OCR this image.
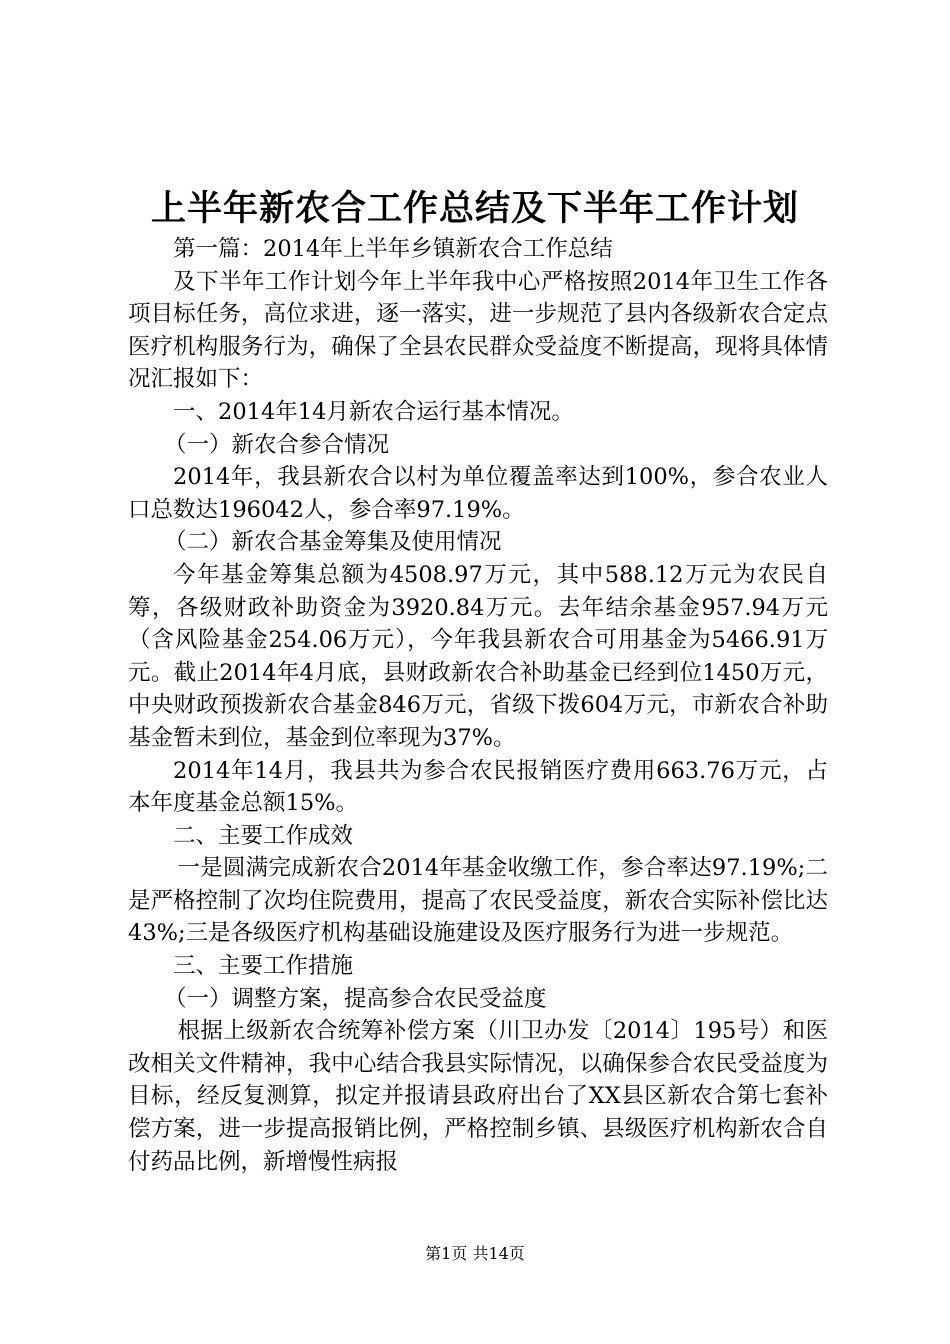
上半年新农合工作总结及下半年工作计划

第一篇：2014年上半年乡镇新农合工作总结

及下半年工作计划今年上半年我中心严格按照2014年卫生工作各项目标任务，高位求进，逐一落实，进一步规范了县内各级新农合定点医疗机构服务行为，确保了全县农民群众受益度不断提高，现将具体情况汇报如下：

一、2014年14月新农合运行基本情况。

（一）新农合参合情况

2014年，我县新农合以村为单位覆盖率达到100%，参合农业人口总数达196042人，参合率97.19%。

（二）新农合基金筹集及使用情况

今年基金筹集总额为4508.97万元，其中588.12万元为农民自筹，各级财政补助资金为3920.84万元。去年结余基金957.94万元（含风险基金254.06万元），今年我县新农合可用基金为5466.91万元。截止2014年4月底，县财政新农合补助基金已经到位1450万元，中央财政预拨新农合基金846万元，省级下拨604万元，市新农合补助基金暂未到位，基金到位率现为37%。

2014年14月，我县共为参合农民报销医疗费用663.76万元，占本年度基金总额15%。

二、主要工作成效

一是圆满完成新农合2014年基金收缴工作，参合率达97.19%;二是严格控制了次均住院费用，提高了农民受益度，新农合实际补偿比达43%;三是各级医疗机构基础设施建设及医疗服务行为进一步规范。

三、主要工作措施

（一）调整方案，提高参合农民受益度

根据上级新农合统筹补偿方案（川卫办发〔2014〕195号）和医改相关文件精神，我中心结合我县实际情况，以确保参合农民受益度为目标，经反复测算，拟定并报请县政府出台了XX县区新农合第七套补偿方案，进一步提高报销比例，严格控制乡镇、县级医疗机构新农合自付药品比例，新增慢性病报

第1页 共14页
